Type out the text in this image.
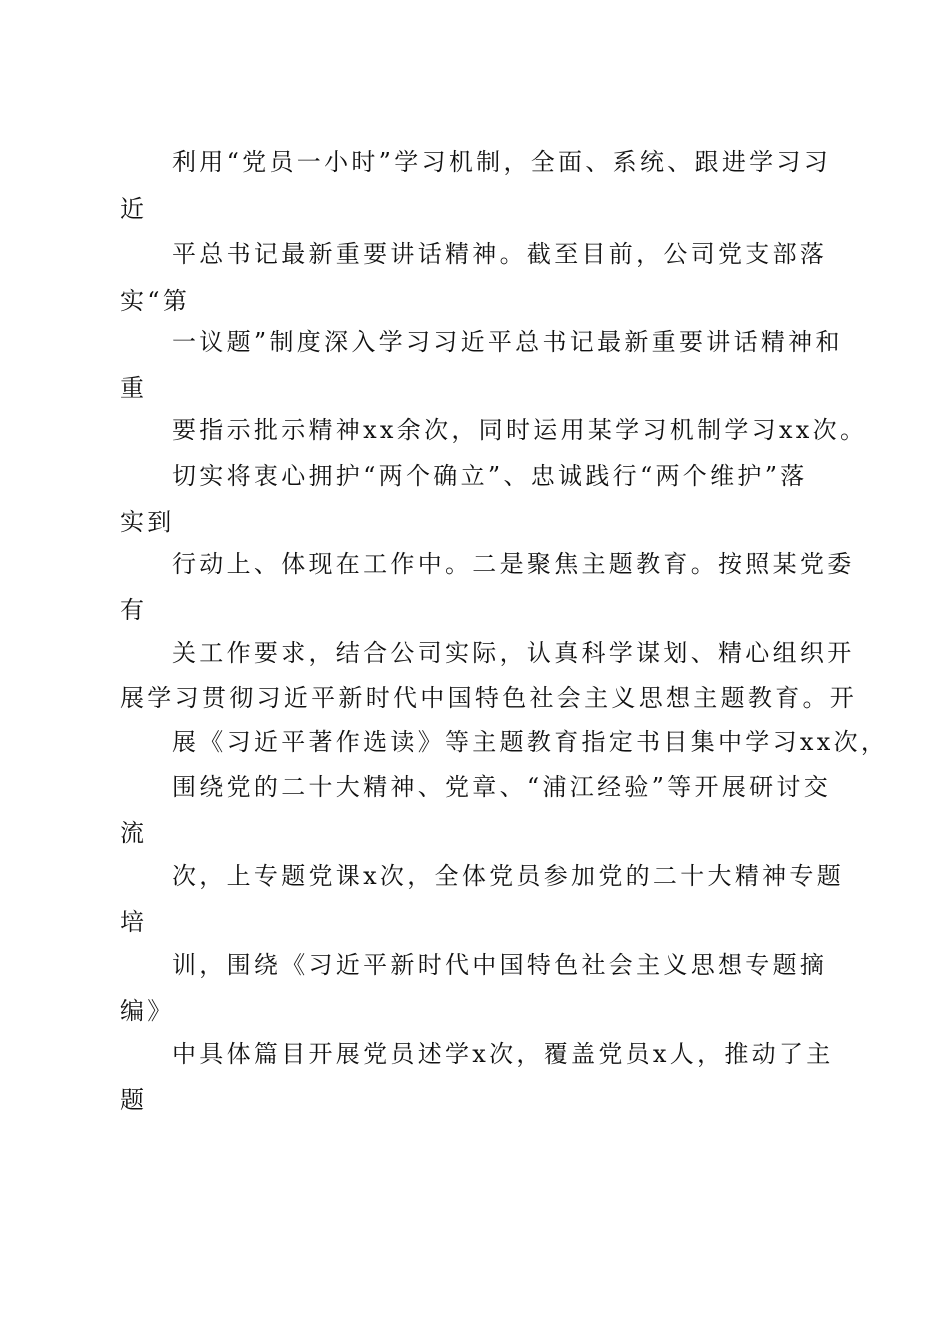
利用“党员一小时”学习机制，全面、系统、跟进学习习
近
平总书记最新重要讲话精神。截至目前，公司党支部落
实“第
一议题”制度深入学习习近平总书记最新重要讲话精神和
重
要指示批示精神xx余次，同时运用某学习机制学习xx次。
切实将衷心拥护“两个确立”、忠诚践行“两个维护”落
实到
行动上、体现在工作中。二是聚焦主题教育。按照某党委
有
关工作要求，结合公司实际，认真科学谋划、精心组织开
展学习贯彻习近平新时代中国特色社会主义思想主题教育。开
展《习近平著作选读》等主题教育指定书目集中学习xx次，
围绕党的二十大精神、党章、“浦江经验”等开展研讨交
流
次，上专题党课x次，全体党员参加党的二十大精神专题
培
训，围绕《习近平新时代中国特色社会主义思想专题摘
编》
中具体篇目开展党员述学x次，覆盖党员x人，推动了主
题
